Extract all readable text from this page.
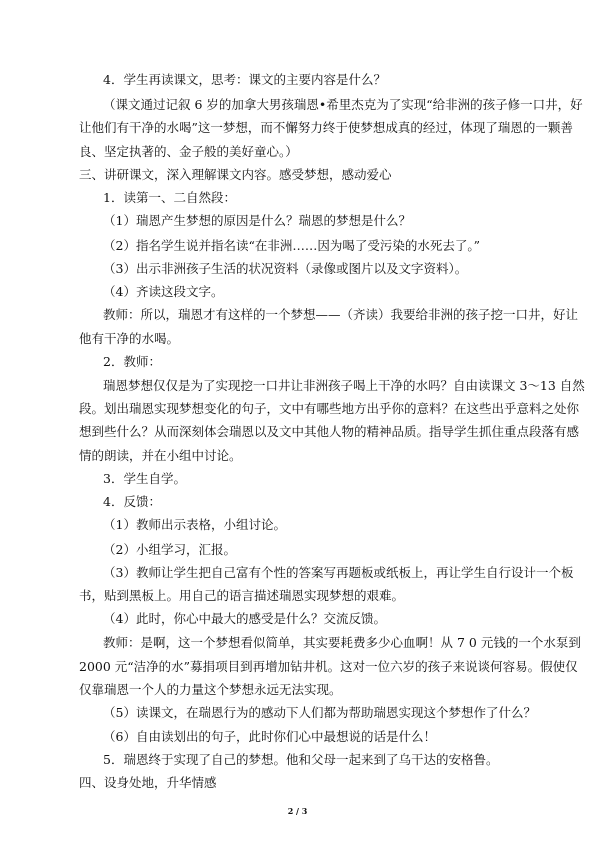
4．学生再读课文，思考：课文的主要内容是什么？
（课文通过记叙 6 岁的加拿大男孩瑞恩•希里杰克为了实现“给非洲的孩子修一口井，好
让他们有干净的水喝”这一梦想，而不懈努力终于使梦想成真的经过，体现了瑞恩的一颗善
良、坚定执著的、金子般的美好童心。）
三、讲研课文，深入理解课文内容。感受梦想，感动爱心
1．读第一、二自然段：
（1）瑞恩产生梦想的原因是什么？瑞恩的梦想是什么？
（2）指名学生说并指名读“在非洲……因为喝了受污染的水死去了。”
（3）出示非洲孩子生活的状况资料（录像或图片以及文字资料）。
（4）齐读这段文字。
教师：所以，瑞恩才有这样的一个梦想——（齐读）我要给非洲的孩子挖一口井，好让
他有干净的水喝。
2．教师：
瑞恩梦想仅仅是为了实现挖一口井让非洲孩子喝上干净的水吗？自由读课文 3～13 自然
段。划出瑞恩实现梦想变化的句子，文中有哪些地方出乎你的意料？在这些出乎意料之处你
想到些什么？从而深刻体会瑞恩以及文中其他人物的精神品质。指导学生抓住重点段落有感
情的朗读，并在小组中讨论。
3．学生自学。
4．反馈：
（1）教师出示表格，小组讨论。
（2）小组学习，汇报。
（3）教师让学生把自己富有个性的答案写再题板或纸板上，再让学生自行设计一个板
书，贴到黑板上。用自己的语言描述瑞恩实现梦想的艰难。
（4）此时，你心中最大的感受是什么？交流反馈。
教师：是啊，这一个梦想看似简单，其实要耗费多少心血啊！从 7 0 元钱的一个水泵到
2000 元“洁净的水”募捐项目到再增加钻井机。这对一位六岁的孩子来说谈何容易。假使仅
仅靠瑞恩一个人的力量这个梦想永远无法实现。
（5）读课文，在瑞恩行为的感动下人们都为帮助瑞恩实现这个梦想作了什么？
（6）自由读划出的句子，此时你们心中最想说的话是什么！
5．瑞恩终于实现了自己的梦想。他和父母一起来到了乌干达的安格鲁。
四、设身处地，升华情感
2 / 3
